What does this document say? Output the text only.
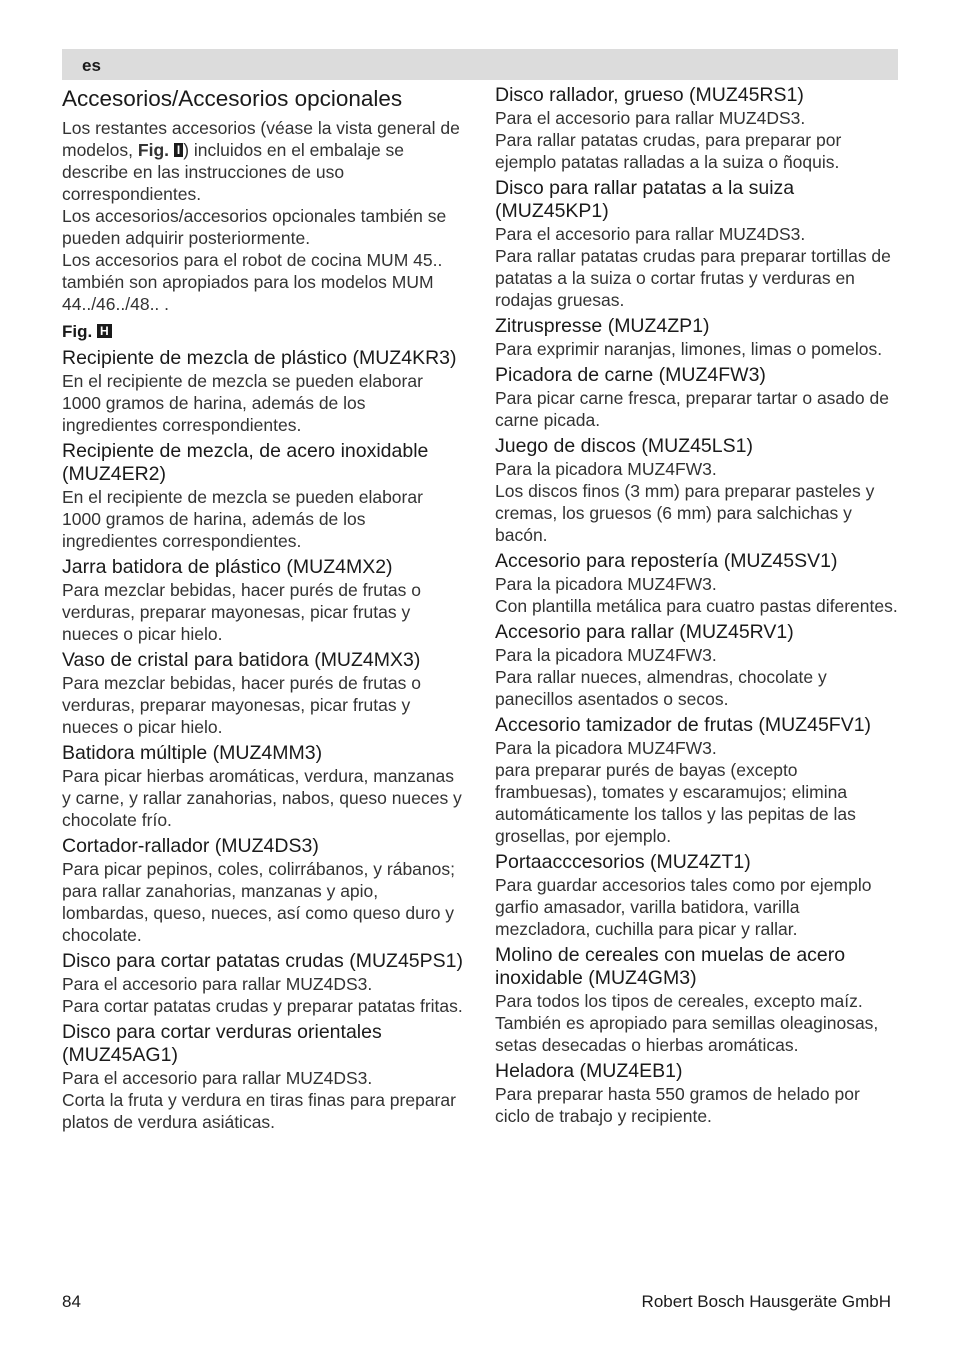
es
Accesorios/Accesorios opcionales

Los restantes accesorios (véase la vista general de modelos, Fig. I ) incluidos en el embalaje se describe en las instrucciones de uso correspondientes.

Los accesorios/accesorios opcionales también se pueden adquirir posteriormente.

Los accesorios para el robot de cocina MUM 45.. también son apropiados para los modelos MUM 44../46../48.. .

Fig. H
Recipiente de mezcla de plástico (MUZ4KR3)

En el recipiente de mezcla se pueden elaborar 1000 gramos de harina, además de los ingredientes correspondientes.

Recipiente de mezcla, de acero inoxidable (MUZ4ER2)

En el recipiente de mezcla se pueden elaborar 1000 gramos de harina, además de los ingredientes correspondientes.

Jarra batidora de plástico (MUZ4MX2)

Para mezclar bebidas, hacer purés de frutas o verduras, preparar mayonesas, picar frutas y nueces o picar hielo.

Vaso de cristal para batidora (MUZ4MX3)

Para mezclar bebidas, hacer purés de frutas o verduras, preparar mayonesas, picar frutas y nueces o picar hielo.

Batidora múltiple (MUZ4MM3)

Para picar hierbas aromáticas, verdura, manzanas y carne, y rallar zanahorias, nabos, queso nueces y chocolate frío.

Cortador-rallador (MUZ4DS3)

Para picar pepinos, coles, colirrábanos, y rábanos; para rallar zanahorias, manzanas y apio, lombardas, queso, nueces, así como queso duro y chocolate.

Disco para cortar patatas crudas (MUZ45PS1)

Para el accesorio para rallar MUZ4DS3.

Para cortar patatas crudas y preparar patatas fritas.

Disco para cortar verduras orientales (MUZ45AG1)

Para el accesorio para rallar MUZ4DS3.

Corta la fruta y verdura en tiras finas para preparar platos de verdura asiáticas.

Disco rallador, grueso (MUZ45RS1)

Para el accesorio para rallar MUZ4DS3.

Para rallar patatas crudas, para preparar por ejemplo patatas ralladas a la suiza o ñoquis.

Disco para rallar patatas a la suiza (MUZ45KP1)

Para el accesorio para rallar MUZ4DS3.

Para rallar patatas crudas para preparar tortillas de patatas a la suiza o cortar frutas y verduras en rodajas gruesas.

Zitruspresse (MUZ4ZP1)

Para exprimir naranjas, limones, limas o pomelos.

Picadora de carne (MUZ4FW3)

Para picar carne fresca, preparar tartar o asado de carne picada.

Juego de discos (MUZ45LS1)

Para la picadora MUZ4FW3.

Los discos finos (3 mm) para preparar pasteles y cremas, los gruesos (6 mm) para salchichas y bacón.

Accesorio para repostería (MUZ45SV1)

Para la picadora MUZ4FW3.

Con plantilla metálica para cuatro pastas diferentes.

Accesorio para rallar (MUZ45RV1)

Para la picadora MUZ4FW3.

Para rallar nueces, almendras, chocolate y panecillos asentados o secos.

Accesorio tamizador de frutas (MUZ45FV1)

Para la picadora MUZ4FW3.

para preparar purés de bayas (excepto frambuesas), tomates y escaramujos; elimina automáticamente los tallos y las pepitas de las grosellas, por ejemplo.

Portaacccesorios (MUZ4ZT1)

Para guardar accesorios tales como por ejemplo garfio amasador, varilla batidora, varilla mezcladora, cuchilla para picar y rallar.

Molino de cereales con muelas de acero inoxidable (MUZ4GM3)

Para todos los tipos de cereales, excepto maíz. También es apropiado para semillas oleaginosas, setas desecadas o hierbas aromáticas.

Heladora (MUZ4EB1)

Para preparar hasta 550 gramos de helado por ciclo de trabajo y recipiente.

84	Robert Bosch Hausgeräte GmbH
